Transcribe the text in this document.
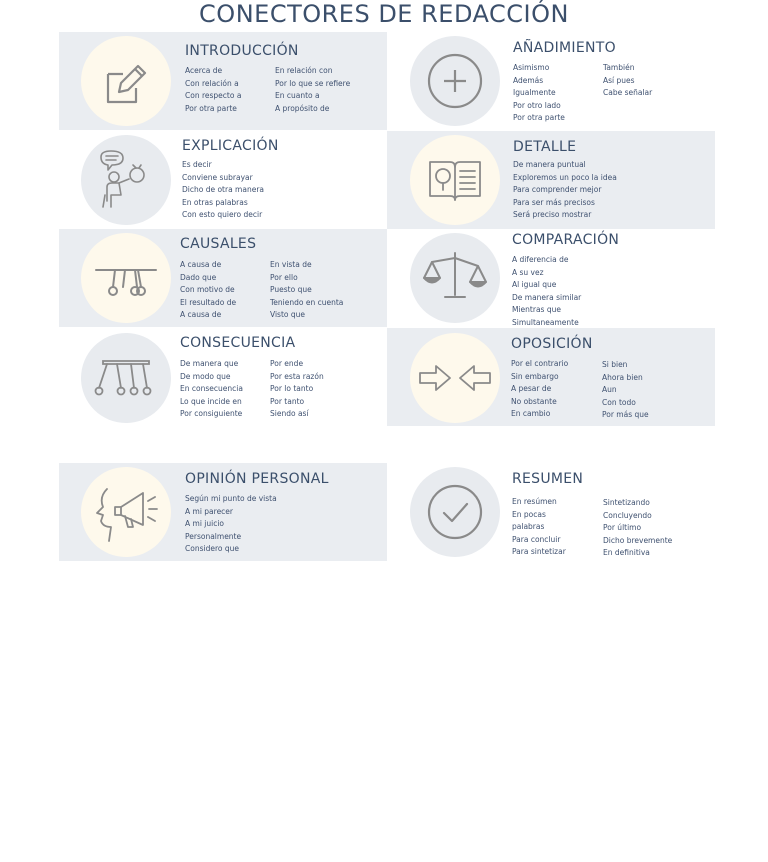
CONECTORES DE REDACCIÓN
INTRODUCCIÓN
Acerca de
Con relación a
Con respecto a
Por otra parte
En relación con
Por lo que se refiere
En cuanto a
A propósito de
AÑADIMIENTO
Asimismo
Además
Igualmente
Por otro lado
Por otra parte
También
Así pues
Cabe señalar
EXPLICACIÓN
Es decir
Conviene subrayar
Dicho de otra manera
En otras palabras
Con esto quiero decir
DETALLE
De manera puntual
Exploremos un poco la idea
Para comprender mejor
Para ser más precisos
Será preciso mostrar
CAUSALES
A causa de
Dado que
Con motivo de
El resultado de
A causa de
En vista de
Por ello
Puesto que
Teniendo en cuenta
Visto que
COMPARACIÓN
A diferencia de
A su vez
Al igual que
De manera similar
Mientras que
Simultaneamente
CONSECUENCIA
De manera que
De modo que
En consecuencia
Lo que incide en
Por consiguiente
Por ende
Por esta razón
Por lo tanto
Por tanto
Siendo así
OPOSICIÓN
Por el contrario
Sin embargo
A pesar de
No obstante
En cambio
Si bien
Ahora bien
Aun
Con todo
Por más que
OPINIÓN PERSONAL
Según mi punto de vista
A mi parecer
A mi juicio
Personalmente
Considero que
RESUMEN
En resúmen
En pocas
palabras
Para concluir
Para sintetizar
Sintetizando
Concluyendo
Por último
Dicho brevemente
En definitiva
